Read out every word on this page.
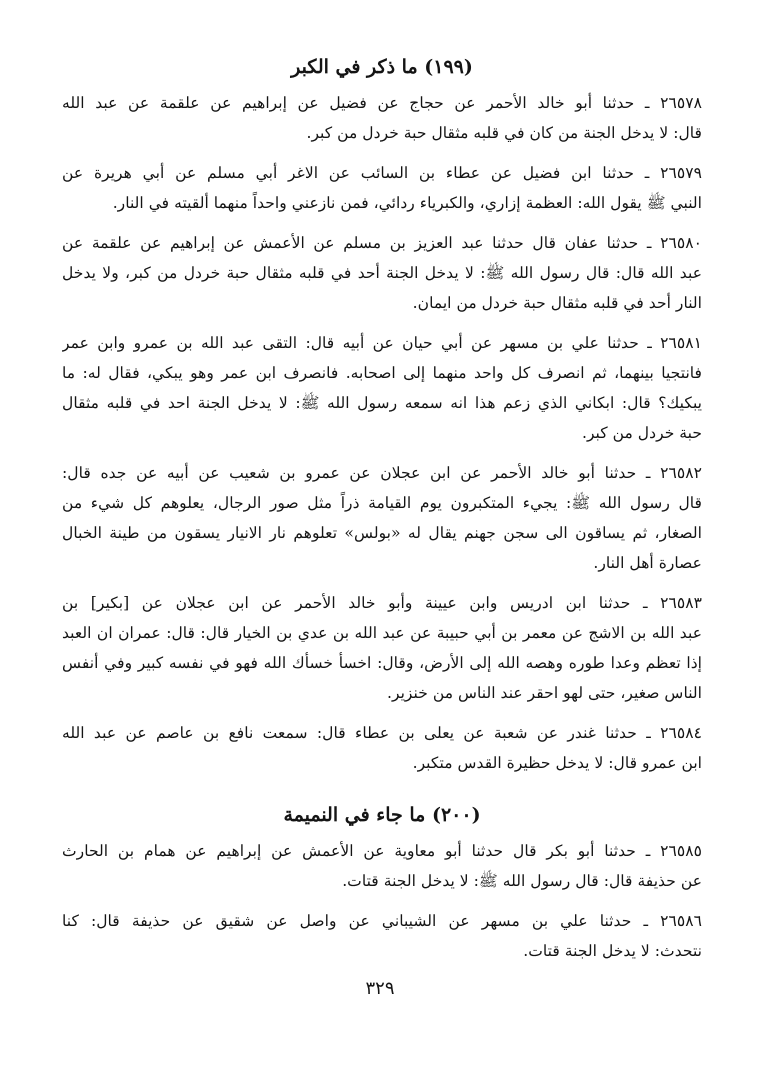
(١٩٩) ما ذكر في الكبر
٢٦٥٧٨ ـ حدثنا أبو خالد الأحمر عن حجاج عن فضيل عن إبراهيم عن علقمة عن عبد الله
قال: لا يدخل الجنة من كان في قلبه مثقال حبة خردل من كبر.
٢٦٥٧٩ ـ حدثنا ابن فضيل عن عطاء بن السائب عن الاغر أبي مسلم عن أبي هريرة عن
النبي ﷺ يقول الله: العظمة إزاري، والكبرياء ردائي، فمن نازعني واحداً منهما ألقيته في النار.
٢٦٥٨٠ ـ حدثنا عفان قال حدثنا عبد العزيز بن مسلم عن الأعمش عن إبراهيم عن علقمة عن
عبد الله قال: قال رسول الله ﷺ: لا يدخل الجنة أحد في قلبه مثقال حبة خردل من كبر، ولا يدخل
النار أحد في قلبه مثقال حبة خردل من ايمان.
٢٦٥٨١ ـ حدثنا علي بن مسهر عن أبي حيان عن أبيه قال: التقى عبد الله بن عمرو وابن عمر
فانتجيا بينهما، ثم انصرف كل واحد منهما إلى اصحابه. فانصرف ابن عمر وهو يبكي، فقال له: ما
يبكيك؟ قال: ابكاني الذي زعم هذا انه سمعه رسول الله ﷺ: لا يدخل الجنة احد في قلبه مثقال
حبة خردل من كبر.
٢٦٥٨٢ ـ حدثنا أبو خالد الأحمر عن ابن عجلان عن عمرو بن شعيب عن أبيه عن جده قال:
قال رسول الله ﷺ: يجيء المتكبرون يوم القيامة ذراً مثل صور الرجال، يعلوهم كل شيء من
الصغار، ثم يساقون الى سجن جهنم يقال له «بولس» تعلوهم نار الانيار يسقون من طينة الخبال
عصارة أهل النار.
٢٦٥٨٣ ـ حدثنا ابن ادريس وابن عيينة وأبو خالد الأحمر عن ابن عجلان عن [بكير] بن
عبد الله بن الاشج عن معمر بن أبي حبيبة عن عبد الله بن عدي بن الخيار قال: قال: عمران ان العبد
إذا تعظم وعدا طوره وهصه الله إلى الأرض، وقال: اخسأ خسأك الله فهو في نفسه كبير وفي أنفس
الناس صغير، حتى لهو احقر عند الناس من خنزير.
٢٦٥٨٤ ـ حدثنا غندر عن شعبة عن يعلى بن عطاء قال: سمعت نافع بن عاصم عن عبد الله
ابن عمرو قال: لا يدخل حظيرة القدس متكبر.
(٢٠٠) ما جاء في النميمة
٢٦٥٨٥ ـ حدثنا أبو بكر قال حدثنا أبو معاوية عن الأعمش عن إبراهيم عن همام بن الحارث
عن حذيفة قال: قال رسول الله ﷺ: لا يدخل الجنة قتات.
٢٦٥٨٦ ـ حدثنا علي بن مسهر عن الشيباني عن واصل عن شقيق عن حذيفة قال: كنا
نتحدث: لا يدخل الجنة قتات.
٣٢٩
